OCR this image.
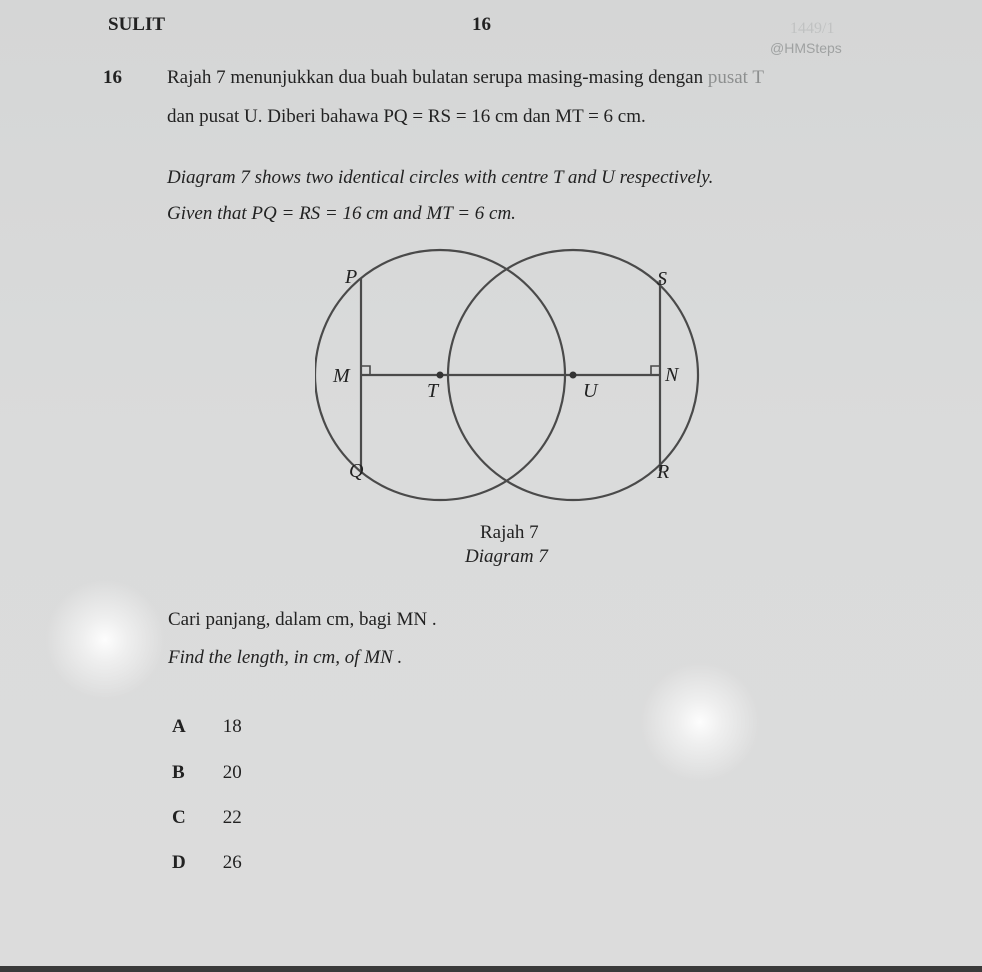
SULIT	16	1449/1
@HMSteps
16 Rajah 7 menunjukkan dua buah bulatan serupa masing-masing dengan pusat T
dan pusat U. Diberi bahawa PQ = RS = 16 cm dan MT = 6 cm.
Diagram 7 shows two identical circles with centre T and U respectively.
Given that PQ = RS = 16 cm and MT = 6 cm.
P	S
M	N
T	U
Q	R
Rajah 7
Diagram 7
Cari panjang, dalam cm, bagi MN .
Find the length, in cm, of MN .
A 18
B 20
C 22
D 26
